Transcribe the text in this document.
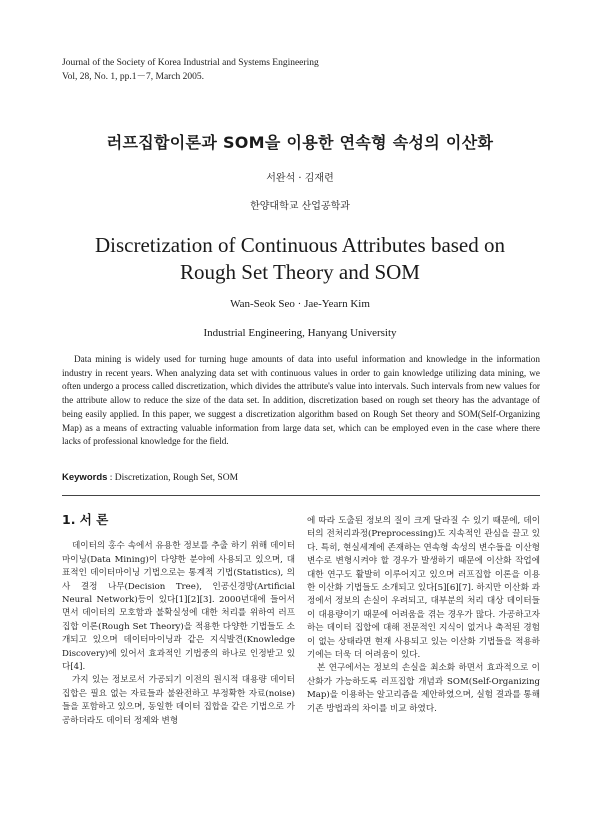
Journal of the Society of Korea Industrial and Systems Engineering
Vol, 28, No. 1, pp.1－7, March 2005.
러프집합이론과 SOM을 이용한 연속형 속성의 이산화
서완석 · 김재련
한양대학교 산업공학과
Discretization of Continuous Attributes based on
Rough Set Theory and SOM
Wan-Seok Seo · Jae-Yearn Kim
Industrial Engineering, Hanyang University
Data mining is widely used for turning huge amounts of data into useful information and knowledge in the information industry in recent years. When analyzing data set with continuous values in order to gain knowledge utilizing data mining, we often undergo a process called discretization, which divides the attribute's value into intervals. Such intervals from new values for the attribute allow to reduce the size of the data set. In addition, discretization based on rough set theory has the advantage of being easily applied. In this paper, we suggest a discretization algorithm based on Rough Set theory and SOM(Self-Organizing Map) as a means of extracting valuable information from large data set, which can be employed even in the case where there lacks of professional knowledge for the field.
Keywords : Discretization, Rough Set, SOM
1. 서 론

데이터의 홍수 속에서 유용한 정보를 추출 하기 위해 데이터마이닝(Data Mining)이 다양한 분야에 사용되고 있으며, 대표적인 데이터마이닝 기법으로는 통계적 기법(Statistics), 의사 결정 나무(Decision Tree), 인공신경망(Artificial Neural Network)등이 있다[1][2][3]. 2000년대에 들어서면서 데이터의 모호함과 불확실성에 대한 처리를 위하여 러프집합 이론(Rough Set Theory)을 적용한 다양한 기법들도 소개되고 있으며 데이터마이닝과 같은 지식발견(Knowledge Discovery)에 있어서 효과적인 기법중의 하나로 인정받고 있다[4].

가지 있는 정보로서 가공되기 이전의 원시적 대용량 데이터 집합은 필요 없는 자료들과 불완전하고 부정확한 자료(noise)들을 포함하고 있으며, 동일한 데이터 집합을 같은 기법으로 가공하더라도 데이터 정제와 변형

에 따라 도출된 정보의 질이 크게 달라질 수 있기 때문에, 데이터의 전처리과정(Preprocessing)도 지속적인 관심을 끌고 있다. 특히, 현실세계에 존재하는 연속형 속성의 변수들을 이산형 변수로 변형시켜야 할 경우가 발생하기 때문에 이산화 작업에 대한 연구도 활발히 이루어지고 있으며 러프집합 이론을 이용한 이산화 기법들도 소개되고 있다[5][6][7]. 하지만 이산화 과정에서 정보의 손실이 우려되고, 대부분의 처리 대상 데이터들이 대용량이기 때문에 어려움을 겪는 경우가 많다. 가공하고자 하는 데이터 집합에 대해 전문적인 지식이 없거나 축적된 경험이 없는 상태라면 현재 사용되고 있는 이산화 기법들을 적용하기에는 더욱 더 어려움이 있다.

본 연구에서는 정보의 손실을 최소화 하면서 효과적으로 이산화가 가능하도록 러프집합 개념과 SOM(Self-Organizing Map)을 이용하는 알고리즘을 제안하였으며, 실험 결과를 통해 기존 방법과의 차이를 비교 하였다.
